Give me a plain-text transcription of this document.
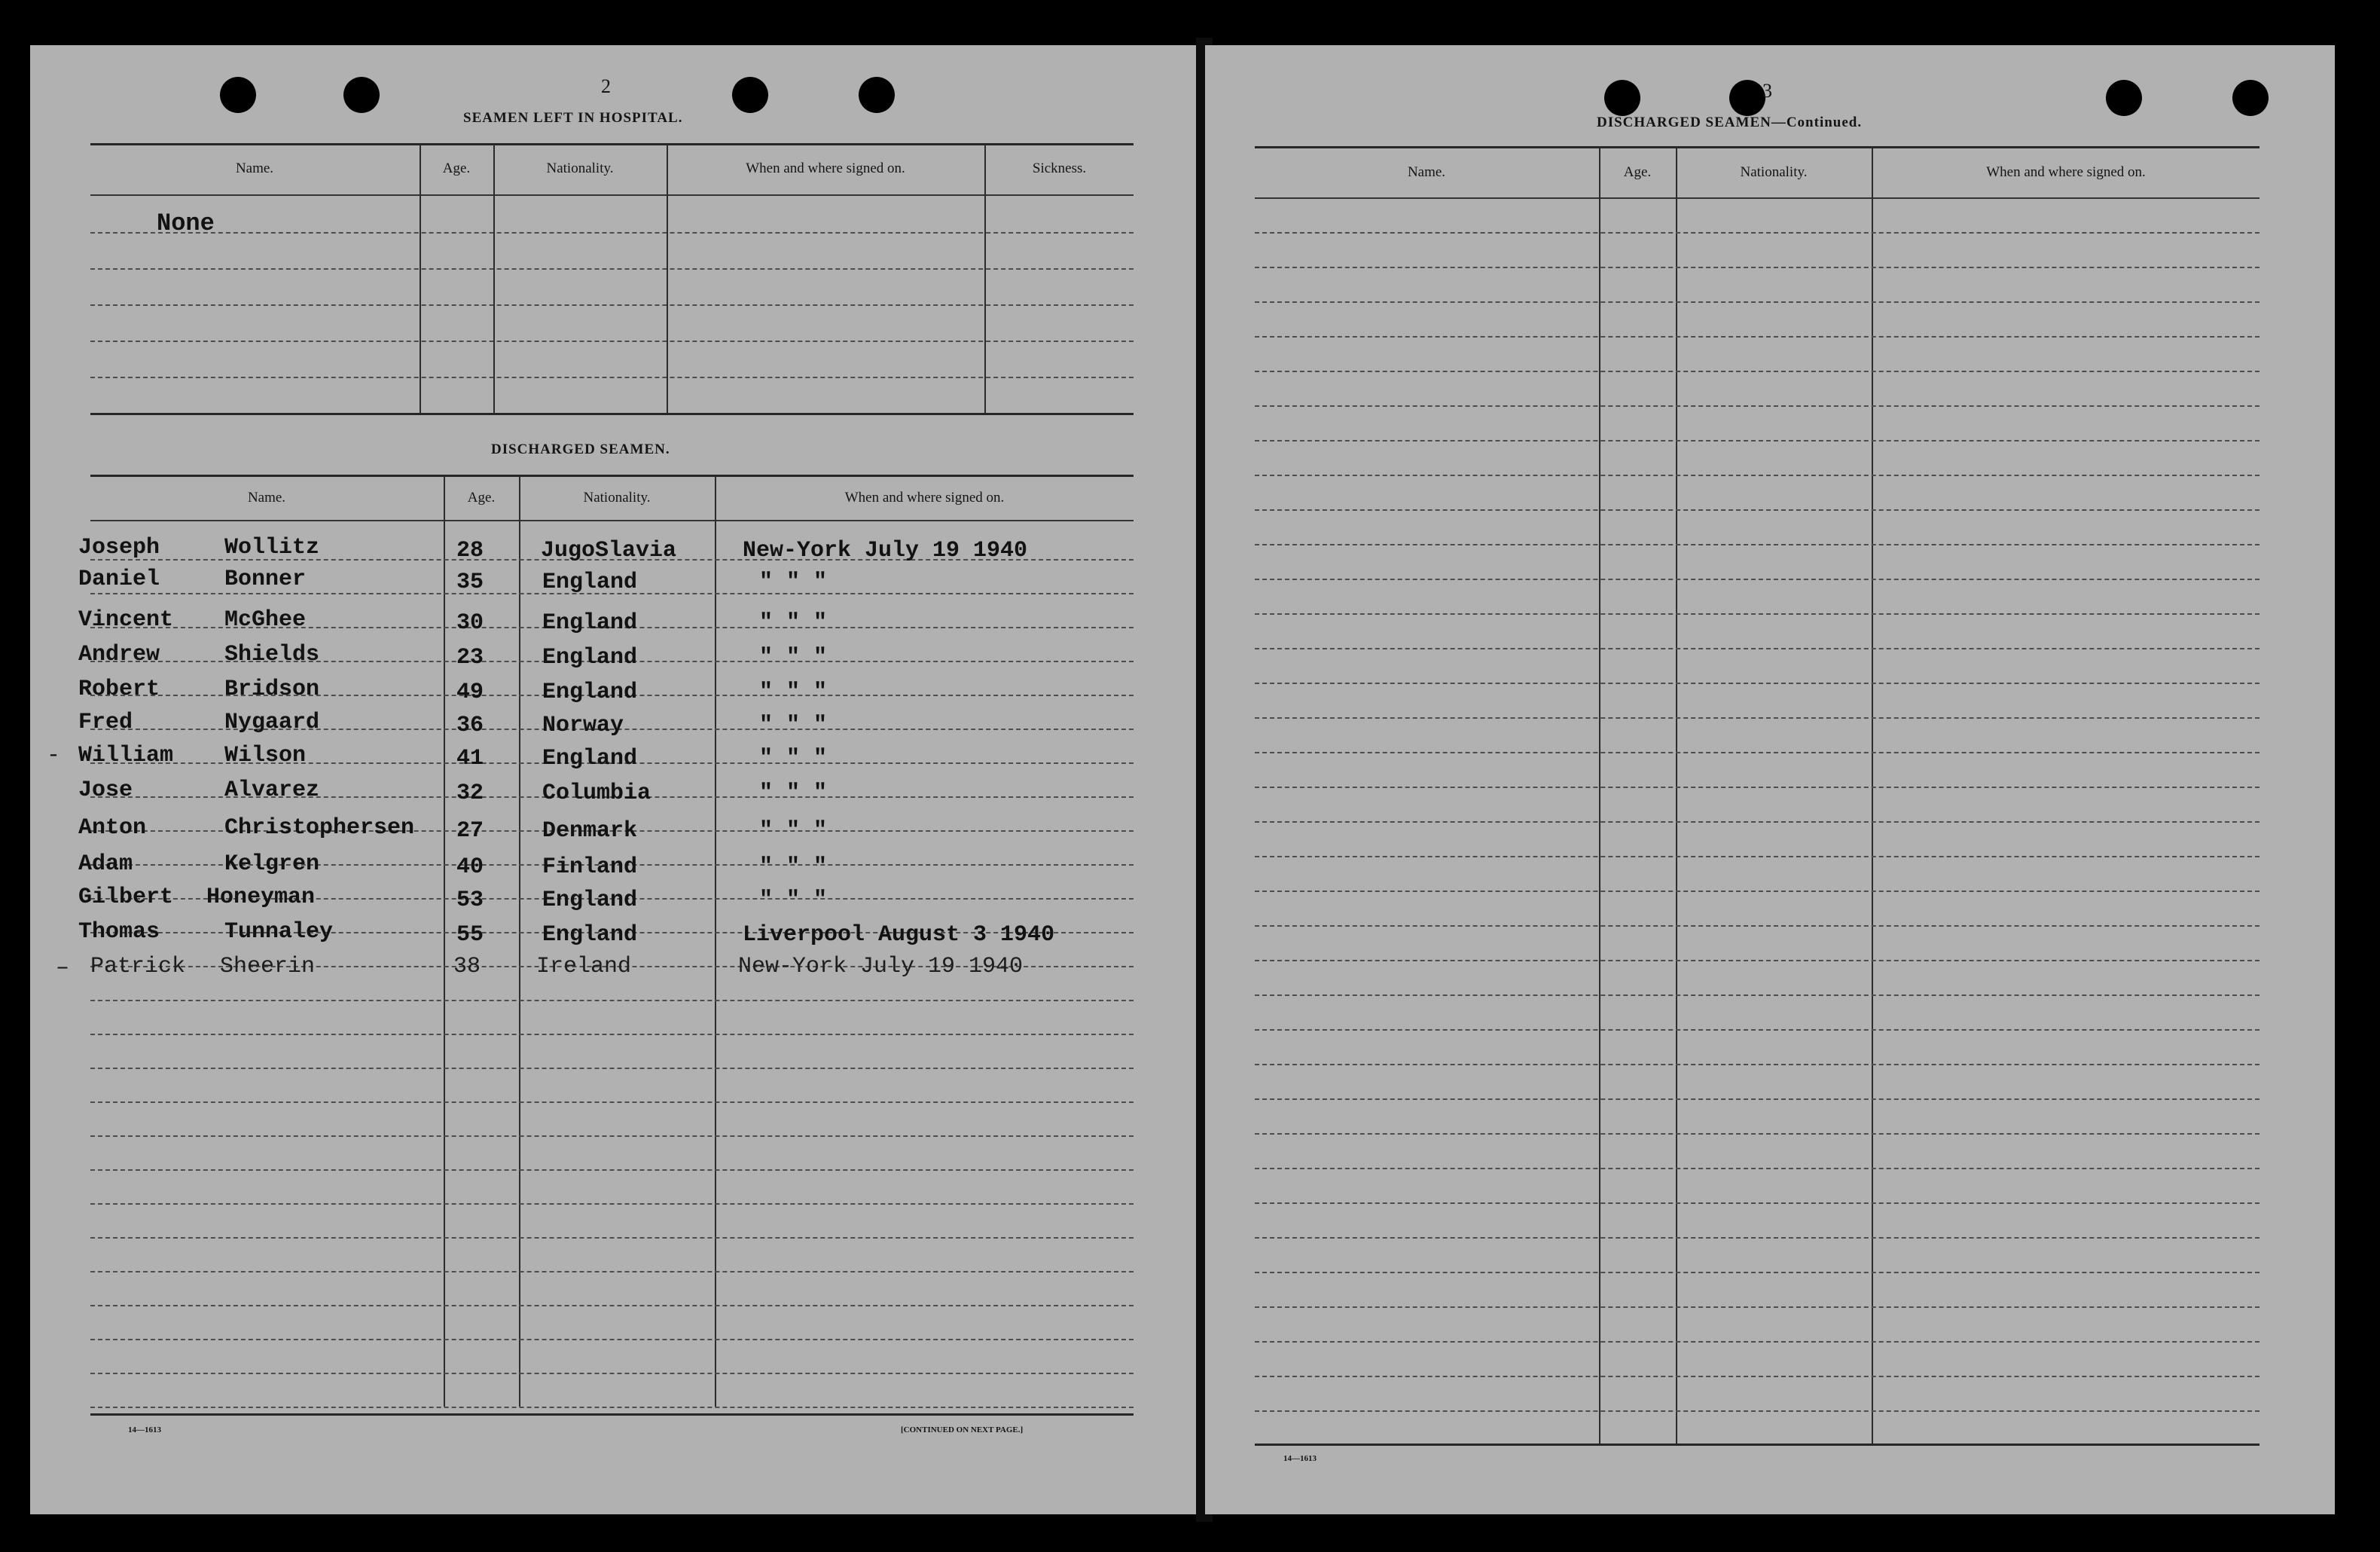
2
SEAMEN LEFT IN HOSPITAL.
Name.	Age.	Nationality.	When and where signed on.	Sickness.
None
DISCHARGED SEAMEN.
Name.	Age.	Nationality.	When and where signed on.
Joseph	Wollitz	28	JugoSlavia	New-York July 19 1940
Daniel	Bonner	35	England	" " "
Vincent McGhee	30	England	" " "
Andrew	Shields	23	England	" " "
Robert	Bridson	49	England	" " "
Fred	Nygaard	36	Norway	" " "
William Wilson	41	England	" " "
Jose	Alvarez	32	Columbia	" " "
Anton	Christophersen 27	Denmark	" " "
Adam	Kelgren	40	Finland	" " "
Gilbert Honeyman	53	England	" " "
Thomas	Tunnaley	55	England	Liverpool August 3 1940
– Patrick Sheerin	38 Ireland	New-York July 19 1940
-
14—1613	[CONTINUED ON NEXT PAGE.]
3
DISCHARGED SEAMEN—Continued.
Name.	Age.	Nationality.	When and where signed on.
14—1613
